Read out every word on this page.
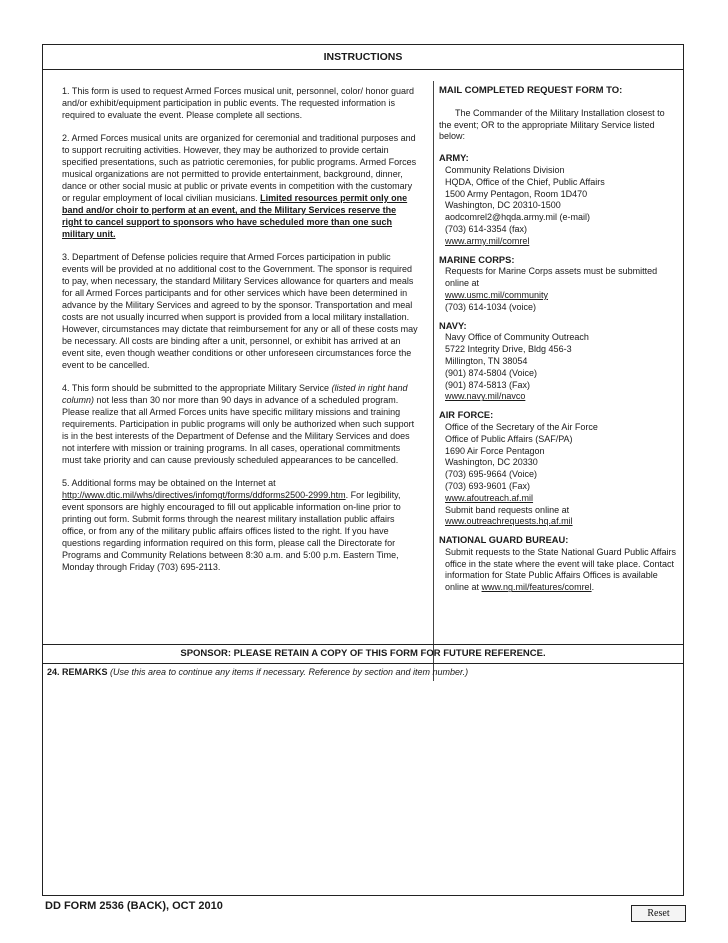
INSTRUCTIONS

1. This form is used to request Armed Forces musical unit, personnel, color/ honor guard and/or exhibit/equipment participation in public events. The requested information is required to evaluate the event. Please complete all sections.

2. Armed Forces musical units are organized for ceremonial and traditional purposes and to support recruiting activities. However, they may be authorized to provide certain specified presentations, such as patriotic ceremonies, for public programs. Armed Forces musical organizations are not permitted to provide entertainment, background, dinner, dance or other social music at public or private events in competition with the customary or regular employment of local civilian musicians. Limited resources permit only one band and/or choir to perform at an event, and the Military Services reserve the right to cancel support to sponsors who have scheduled more than one such military unit.

3. Department of Defense policies require that Armed Forces participation in public events will be provided at no additional cost to the Government. The sponsor is required to pay, when necessary, the standard Military Services allowance for quarters and meals for all Armed Forces participants and for other services which have been determined in advance by the Military Services and agreed to by the sponsor. Transportation and meal costs are not usually incurred when support is provided from a local military installation. However, circumstances may dictate that reimbursement for any or all of these costs may be necessary. All costs are binding after a unit, personnel, or exhibit has arrived at an event site, even though weather conditions or other unforeseen circumstances force the event to be cancelled.

4. This form should be submitted to the appropriate Military Service (listed in right hand column) not less than 30 nor more than 90 days in advance of a scheduled program. Please realize that all Armed Forces units have specific military missions and training requirements. Participation in public programs will only be authorized when such support is in the best interests of the Department of Defense and the Military Services and does not interfere with mission or training programs. In all cases, operational commitments must take priority and can cause previously scheduled appearances to be cancelled.

5. Additional forms may be obtained on the Internet at http://www.dtic.mil/whs/directives/infomgt/forms/ddforms2500-2999.htm. For legibility, event sponsors are highly encouraged to fill out applicable information on-line prior to printing out form. Submit forms through the nearest military installation public affairs office, or from any of the military public affairs offices listed to the right. If you have questions regarding information required on this form, please call the Directorate for Programs and Community Relations between 8:30 a.m. and 5:00 p.m. Eastern Time, Monday through Friday (703) 695-2113.

MAIL COMPLETED REQUEST FORM TO:
The Commander of the Military Installation closest to the event; OR to the appropriate Military Service listed below:
ARMY:
Community Relations Division
HQDA, Office of the Chief, Public Affairs
1500 Army Pentagon, Room 1D470
Washington, DC 20310-1500
aodcomrel2@hqda.army.mil (e-mail)
(703) 614-3354 (fax)
www.army.mil/comrel
MARINE CORPS:
Requests for Marine Corps assets must be submitted online at
www.usmc.mil/community
(703) 614-1034 (voice)
NAVY:
Navy Office of Community Outreach
5722 Integrity Drive, Bldg 456-3
Millington, TN 38054
(901) 874-5804 (Voice)
(901) 874-5813 (Fax)
www.navy.mil/navco
AIR FORCE:
Office of the Secretary of the Air Force
Office of Public Affairs (SAF/PA)
1690 Air Force Pentagon
Washington, DC 20330
(703) 695-9664 (Voice)
(703) 693-9601 (Fax)
www.afoutreach.af.mil
Submit band requests online at
www.outreachrequests.hq.af.mil
NATIONAL GUARD BUREAU:
Submit requests to the State National Guard Public Affairs office in the state where the event will take place. Contact information for State Public Affairs Offices is available online at www.ng.mil/features/comrel.
SPONSOR: PLEASE RETAIN A COPY OF THIS FORM FOR FUTURE REFERENCE.
24. REMARKS (Use this area to continue any items if necessary. Reference by section and item number.)
DD FORM 2536 (BACK), OCT 2010
Reset
